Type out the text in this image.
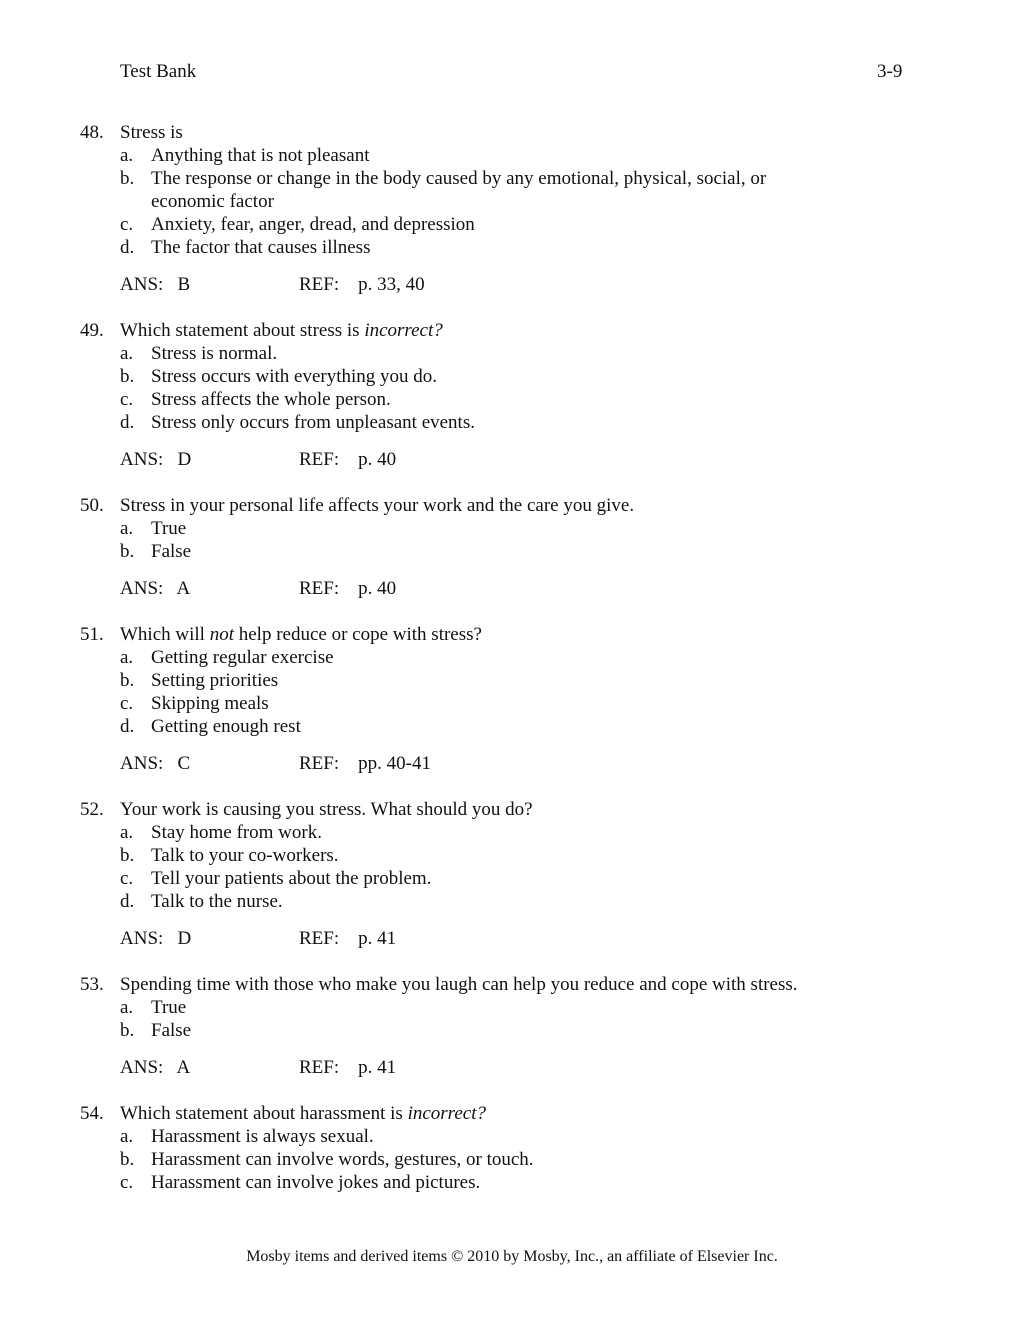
Test Bank	3-9
48. Stress is
a. Anything that is not pleasant
b. The response or change in the body caused by any emotional, physical, social, or economic factor
c. Anxiety, fear, anger, dread, and depression
d. The factor that causes illness
ANS:   B	REF:    p. 33, 40
49. Which statement about stress is incorrect?
a. Stress is normal.
b. Stress occurs with everything you do.
c. Stress affects the whole person.
d. Stress only occurs from unpleasant events.
ANS:   D	REF:    p. 40
50. Stress in your personal life affects your work and the care you give.
a. True
b. False
ANS:   A	REF:    p. 40
51. Which will not help reduce or cope with stress?
a. Getting regular exercise
b. Setting priorities
c. Skipping meals
d. Getting enough rest
ANS:   C	REF:    pp. 40-41
52. Your work is causing you stress. What should you do?
a. Stay home from work.
b. Talk to your co-workers.
c. Tell your patients about the problem.
d. Talk to the nurse.
ANS:   D	REF:    p. 41
53. Spending time with those who make you laugh can help you reduce and cope with stress.
a. True
b. False
ANS:   A	REF:    p. 41
54. Which statement about harassment is incorrect?
a. Harassment is always sexual.
b. Harassment can involve words, gestures, or touch.
c. Harassment can involve jokes and pictures.
Mosby items and derived items © 2010 by Mosby, Inc., an affiliate of Elsevier Inc.
